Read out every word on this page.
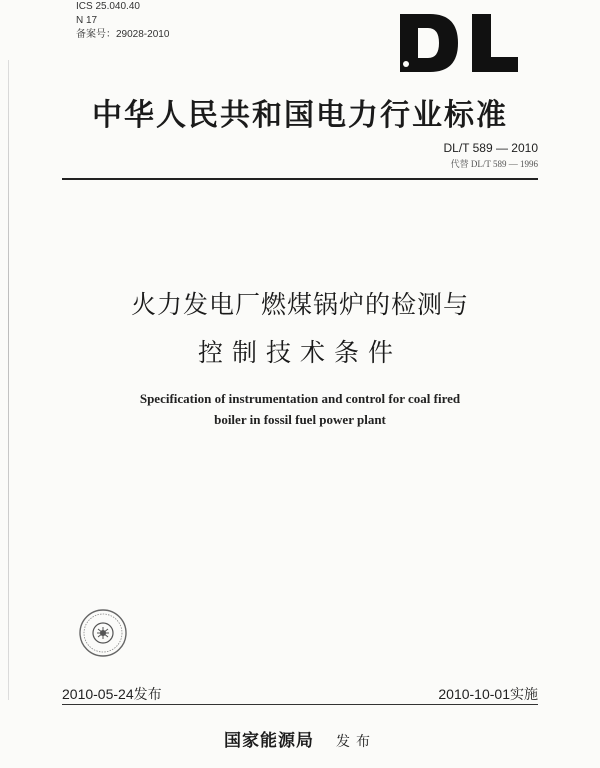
ICS 25.040.40
N 17
备案号：29028-2010
中华人民共和国电力行业标准
DL/T 589 — 2010
代替 DL/T 589 — 1996
火力发电厂燃煤锅炉的检测与
控制技术条件
Specification of instrumentation and control for coal fired
boiler in fossil fuel power plant
2010-05-24发布	2010-10-01实施
国家能源局 发布
